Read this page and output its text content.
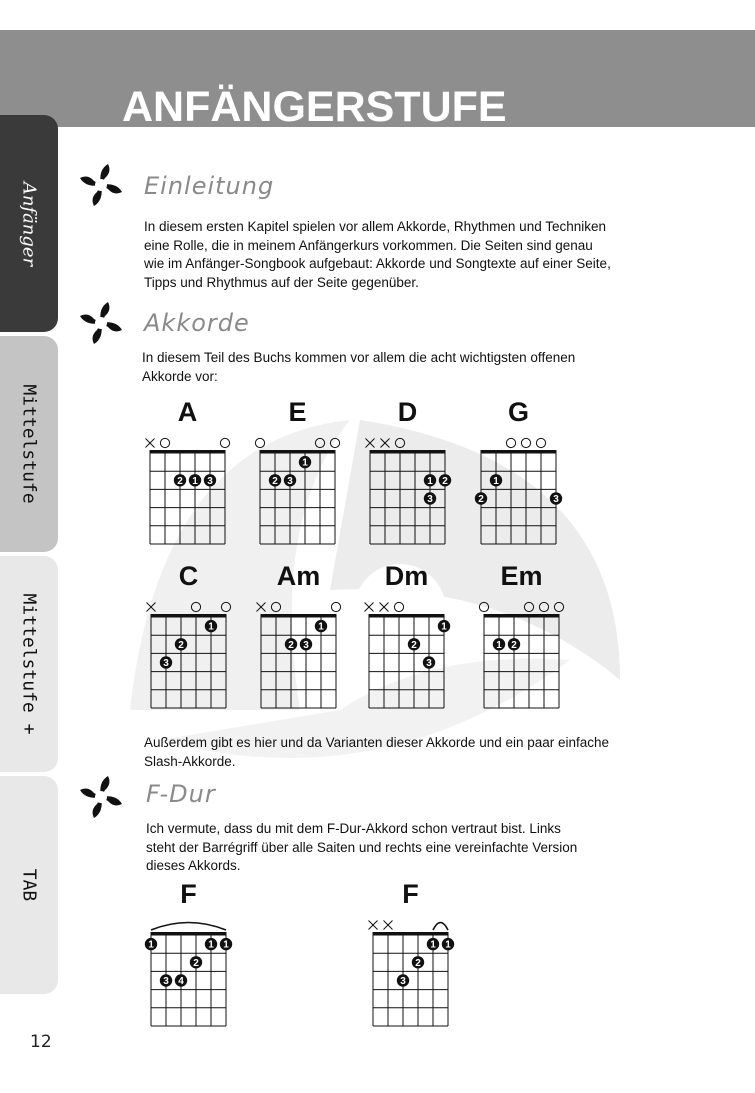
ANFÄNGERSTUFE
Anfänger
Mittelstufe
Mittelstufe +
TAB
Einleitung
In diesem ersten Kapitel spielen vor allem Akkorde, Rhythmen und Techniken
eine Rolle, die in meinem Anfängerkurs vorkommen. Die Seiten sind genau
wie im Anfänger-Songbook aufgebaut: Akkorde und Songtexte auf einer Seite,
Tipps und Rhythmus auf der Seite gegenüber.
Akkorde
In diesem Teil des Buchs kommen vor allem die acht wichtigsten offenen
Akkorde vor:
A
2 1 3
E
1
2 3
D
1 2
3
G
1
2	3
C
1
2
3
Am
1
2 3
Dm
1
2
3
Em
1 2
F
1	1 1
2
3 4
F
1 1
2
3
Außerdem gibt es hier und da Varianten dieser Akkorde und ein paar einfache
Slash-Akkorde.
F-Dur
Ich vermute, dass du mit dem F-Dur-Akkord schon vertraut bist. Links
steht der Barrégriff über alle Saiten und rechts eine vereinfachte Version
dieses Akkords.
12
